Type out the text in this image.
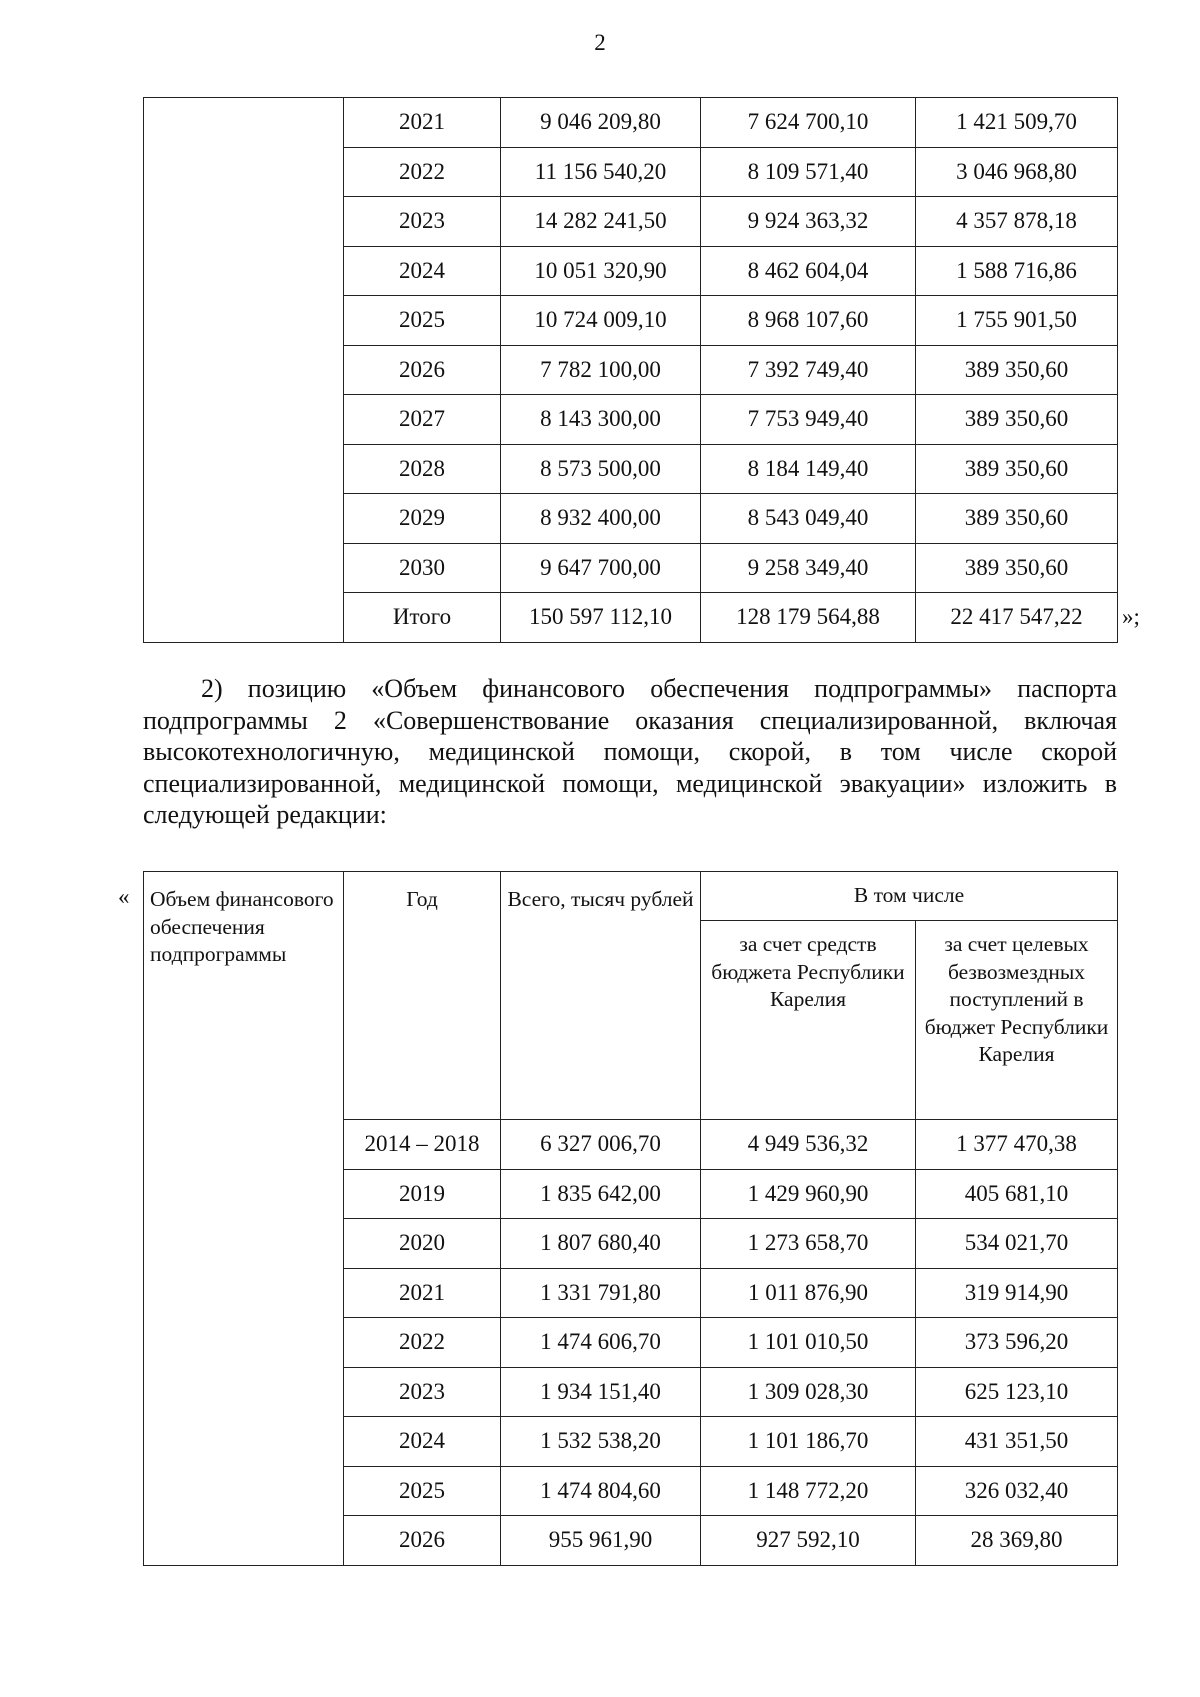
2
	2021	9 046 209,80	7 624 700,10	1 421 509,70
	2022	11 156 540,20	8 109 571,40	3 046 968,80
	2023	14 282 241,50	9 924 363,32	4 357 878,18
	2024	10 051 320,90	8 462 604,04	1 588 716,86
	2025	10 724 009,10	8 968 107,60	1 755 901,50
	2026	7 782 100,00	7 392 749,40	389 350,60
	2027	8 143 300,00	7 753 949,40	389 350,60
	2028	8 573 500,00	8 184 149,40	389 350,60
	2029	8 932 400,00	8 543 049,40	389 350,60
	2030	9 647 700,00	9 258 349,40	389 350,60
	Итого	150 597 112,10	128 179 564,88	22 417 547,22 »;
2) позицию «Объем финансового обеспечения подпрограммы» паспорта подпрограммы 2 «Совершенствование оказания специализированной, включая высокотехнологичную, медицинской помощи, скорой, в том числе скорой специализированной, медицинской помощи, медицинской эвакуации» изложить в следующей редакции:
« Объем финансового обеспечения подпрограммы	Год	Всего, тысяч рублей	В том числе	
			за счет средств бюджета Республики Карелия	за счет целевых безвозмездных поступлений в бюджет Республики Карелия
	2014 – 2018	6 327 006,70	4 949 536,32	1 377 470,38
	2019	1 835 642,00	1 429 960,90	405 681,10
	2020	1 807 680,40	1 273 658,70	534 021,70
	2021	1 331 791,80	1 011 876,90	319 914,90
	2022	1 474 606,70	1 101 010,50	373 596,20
	2023	1 934 151,40	1 309 028,30	625 123,10
	2024	1 532 538,20	1 101 186,70	431 351,50
	2025	1 474 804,60	1 148 772,20	326 032,40
	2026	955 961,90	927 592,10	28 369,80
